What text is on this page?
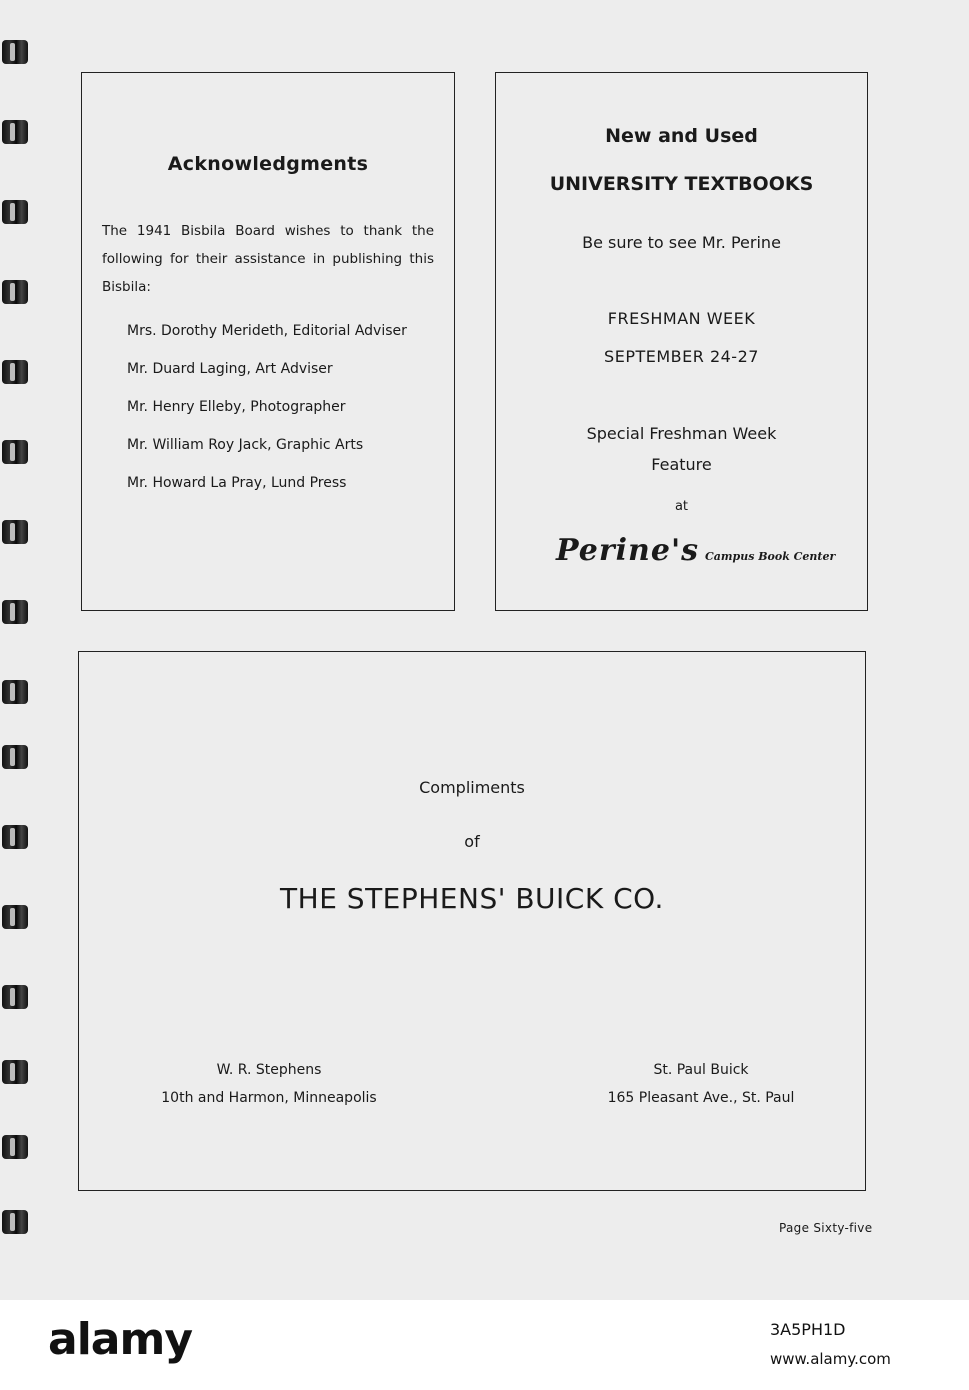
Acknowledgments
The 1941 Bisbila Board wishes to thank the following for their assistance in publishing this Bisbila:
Mrs. Dorothy Merideth, Editorial Adviser
Mr. Duard Laging, Art Adviser
Mr. Henry Elleby, Photographer
Mr. William Roy Jack, Graphic Arts
Mr. Howard La Pray, Lund Press
New and Used
UNIVERSITY TEXTBOOKS
Be sure to see Mr. Perine
FRESHMAN WEEK
SEPTEMBER 24-27
Special Freshman Week
Feature
at
Perine's Campus Book Center
Compliments
of
THE STEPHENS' BUICK CO.
W. R. Stephens
10th and Harmon, Minneapolis
St. Paul Buick
165 Pleasant Ave., St. Paul
Page Sixty-five
alamy	3A5PH1D
www.alamy.com
